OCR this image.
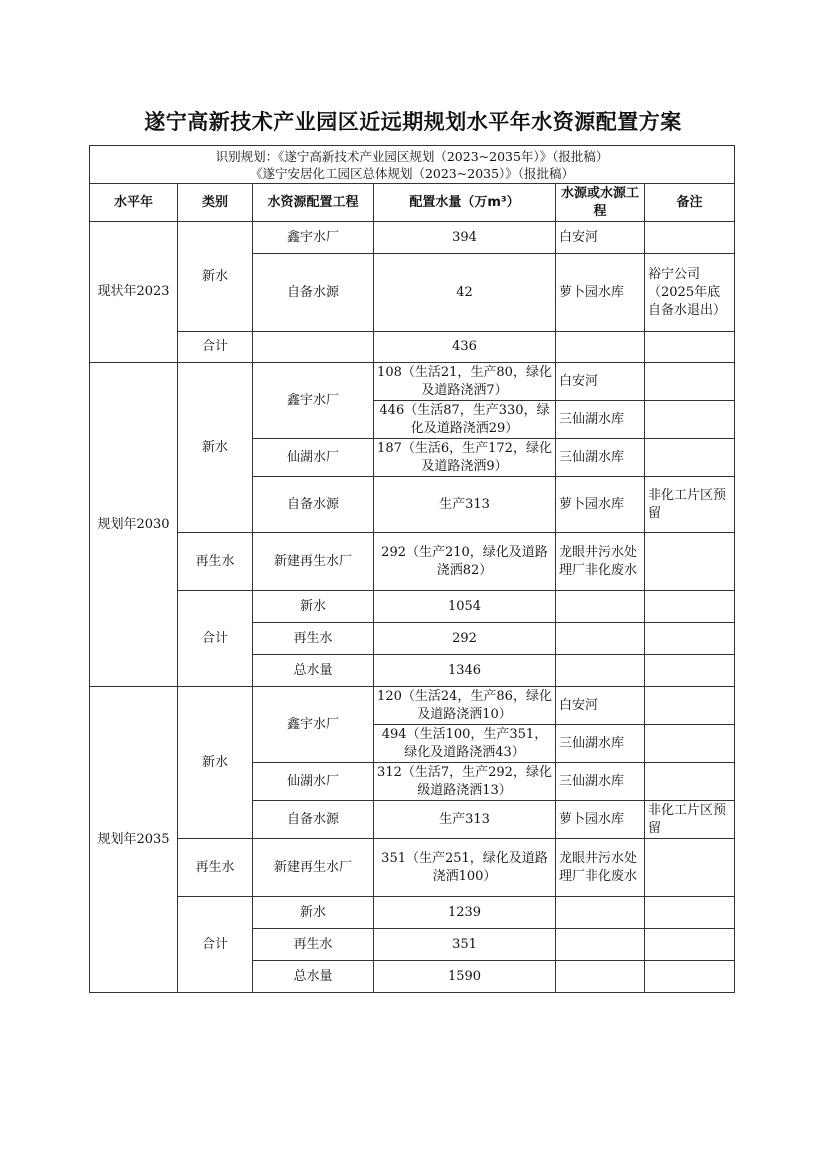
遂宁高新技术产业园区近远期规划水平年水资源配置方案
识别规划：《遂宁高新技术产业园区规划（2023~2035年）》（报批稿）
《遂宁安居化工园区总体规划（2023~2035）》（报批稿）					

水平年	类别	水资源配置工程	配置水量（万m³）	水源或水源工程	备注
现状年2023	新水	鑫宇水厂	394	白安河	
		自备水源	42	萝卜园水库	裕宁公司（2025年底自备水退出）
	合计		436		
规划年2030	新水	鑫宇水厂	108（生活21，生产80，绿化及道路浇洒7）	白安河	
			446（生活87，生产330，绿化及道路浇洒29）	三仙湖水库	
		仙湖水厂	187（生活6，生产172，绿化及道路浇洒9）	三仙湖水库	
		自备水源	生产313	萝卜园水库	非化工片区预留
	再生水	新建再生水厂	292（生产210，绿化及道路浇洒82）	龙眼井污水处理厂非化废水	
	合计	新水	1054		
		再生水	292		
		总水量	1346		
规划年2035	新水	鑫宇水厂	120（生活24，生产86，绿化及道路浇洒10）	白安河	
			494（生活100，生产351，绿化及道路浇洒43）	三仙湖水库	
		仙湖水厂	312（生活7，生产292，绿化级道路浇洒13）	三仙湖水库	
		自备水源	生产313	萝卜园水库	非化工片区预留
	再生水	新建再生水厂	351（生产251，绿化及道路浇洒100）	龙眼井污水处理厂非化废水	
	合计	新水	1239		
		再生水	351		
		总水量	1590		
